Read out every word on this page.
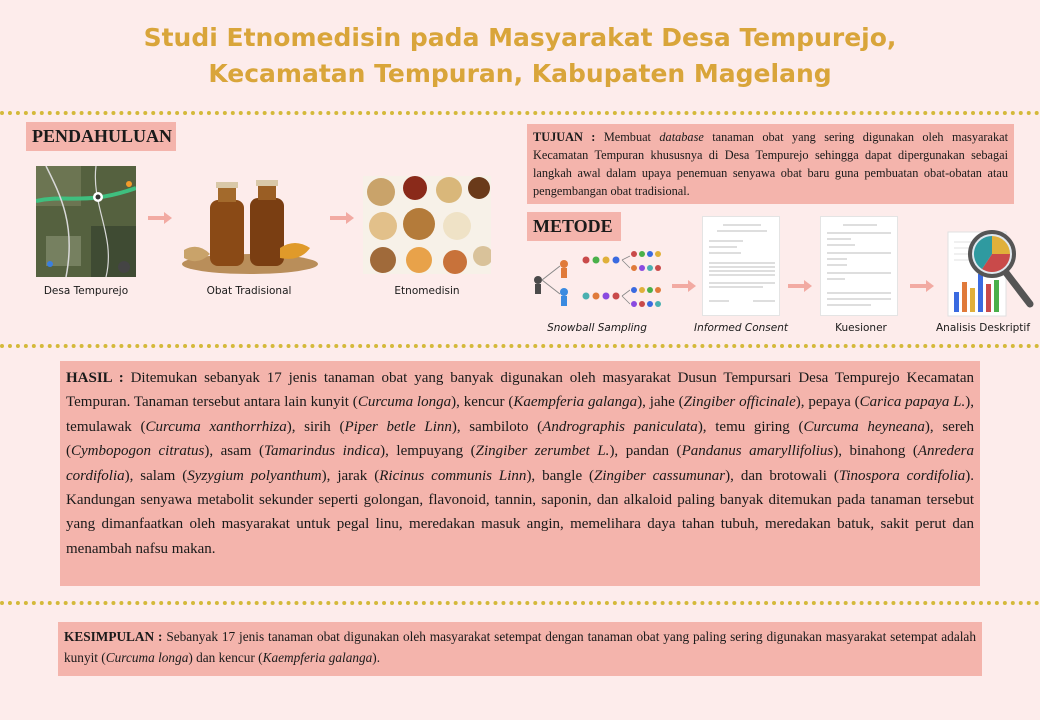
Studi Etnomedisin pada Masyarakat Desa Tempurejo,
Kecamatan Tempuran, Kabupaten Magelang
PENDAHULUAN
Desa Tempurejo	Obat Tradisional	Etnomedisin
TUJUAN : Membuat database tanaman obat yang sering digunakan oleh masyarakat Kecamatan Tempuran khususnya di Desa Tempurejo sehingga dapat dipergunakan sebagai langkah awal dalam upaya penemuan senyawa obat baru guna pembuatan obat-obatan atau pengembangan obat tradisional.
METODE
Snowball Sampling	Informed Consent	Kuesioner	Analisis Deskriptif
HASIL : Ditemukan sebanyak 17 jenis tanaman obat yang banyak digunakan oleh masyarakat Dusun Tempursari Desa Tempurejo Kecamatan Tempuran. Tanaman tersebut antara lain kunyit (Curcuma longa), kencur (Kaempferia galanga), jahe (Zingiber officinale), pepaya (Carica papaya L.), temulawak (Curcuma xanthorrhiza), sirih (Piper betle Linn), sambiloto (Andrographis paniculata), temu giring (Curcuma heyneana), sereh (Cymbopogon citratus), asam (Tamarindus indica), lempuyang (Zingiber zerumbet L.), pandan (Pandanus amaryllifolius), binahong (Anredera cordifolia), salam (Syzygium polyanthum), jarak (Ricinus communis Linn), bangle (Zingiber cassumunar), dan brotowali (Tinospora cordifolia). Kandungan senyawa metabolit sekunder seperti golongan, flavonoid, tannin, saponin, dan alkaloid paling banyak ditemukan pada tanaman tersebut yang dimanfaatkan oleh masyarakat untuk pegal linu, meredakan masuk angin, memelihara daya tahan tubuh, meredakan batuk, sakit perut dan menambah nafsu makan.
KESIMPULAN : Sebanyak 17 jenis tanaman obat digunakan oleh masyarakat setempat dengan tanaman obat yang paling sering digunakan masyarakat setempat adalah kunyit (Curcuma longa) dan kencur (Kaempferia galanga).
